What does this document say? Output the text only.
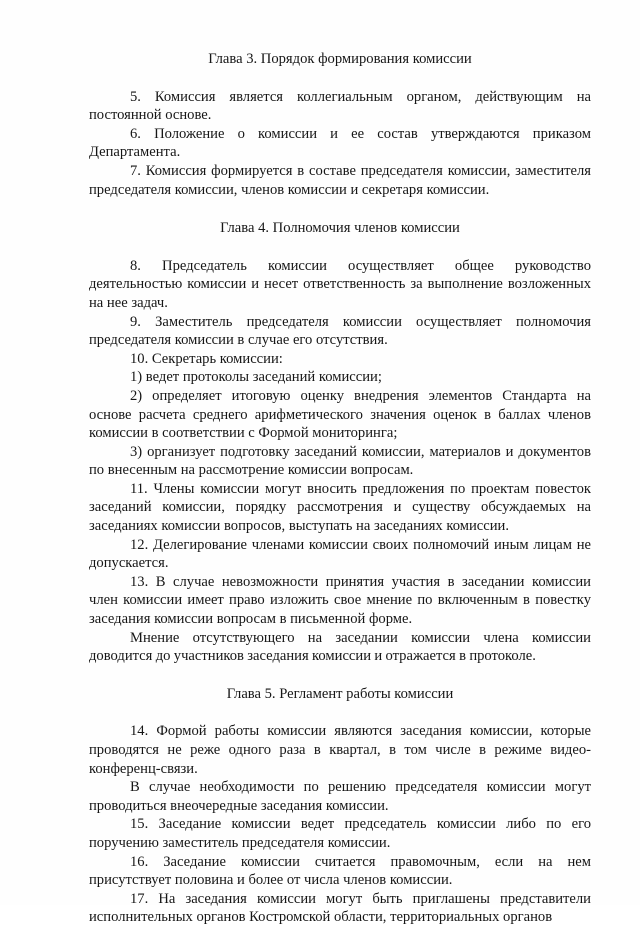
Глава 3. Порядок формирования комиссии

5. Комиссия является коллегиальным органом, действующим на постоянной основе.

6. Положение о комиссии и ее состав утверждаются приказом Департамента.

7. Комиссия формируется в составе председателя комиссии, заместителя председателя комиссии, членов комиссии и секретаря комиссии.

Глава 4. Полномочия членов комиссии

8. Председатель комиссии осуществляет общее руководство деятельностью комиссии и несет ответственность за выполнение возложенных на нее задач.

9. Заместитель председателя комиссии осуществляет полномочия председателя комиссии в случае его отсутствия.

10. Секретарь комиссии:

1) ведет протоколы заседаний комиссии;

2) определяет итоговую оценку внедрения элементов Стандарта на основе расчета среднего арифметического значения оценок в баллах членов комиссии в соответствии с Формой мониторинга;

3) организует подготовку заседаний комиссии, материалов и документов по внесенным на рассмотрение комиссии вопросам.

11. Члены комиссии могут вносить предложения по проектам повесток заседаний комиссии, порядку рассмотрения и существу обсуждаемых на заседаниях комиссии вопросов, выступать на заседаниях комиссии.

12. Делегирование членами комиссии своих полномочий иным лицам не допускается.

13. В случае невозможности принятия участия в заседании комиссии член комиссии имеет право изложить свое мнение по включенным в повестку заседания комиссии вопросам в письменной форме.

Мнение отсутствующего на заседании комиссии члена комиссии доводится до участников заседания комиссии и отражается в протоколе.

Глава 5. Регламент работы комиссии

14. Формой работы комиссии являются заседания комиссии, которые проводятся не реже одного раза в квартал, в том числе в режиме видео-конференц-связи.

В случае необходимости по решению председателя комиссии могут проводиться внеочередные заседания комиссии.

15. Заседание комиссии ведет председатель комиссии либо по его поручению заместитель председателя комиссии.

16. Заседание комиссии считается правомочным, если на нем присутствует половина и более от числа членов комиссии.

17. На заседания комиссии могут быть приглашены представители исполнительных органов Костромской области, территориальных органов
